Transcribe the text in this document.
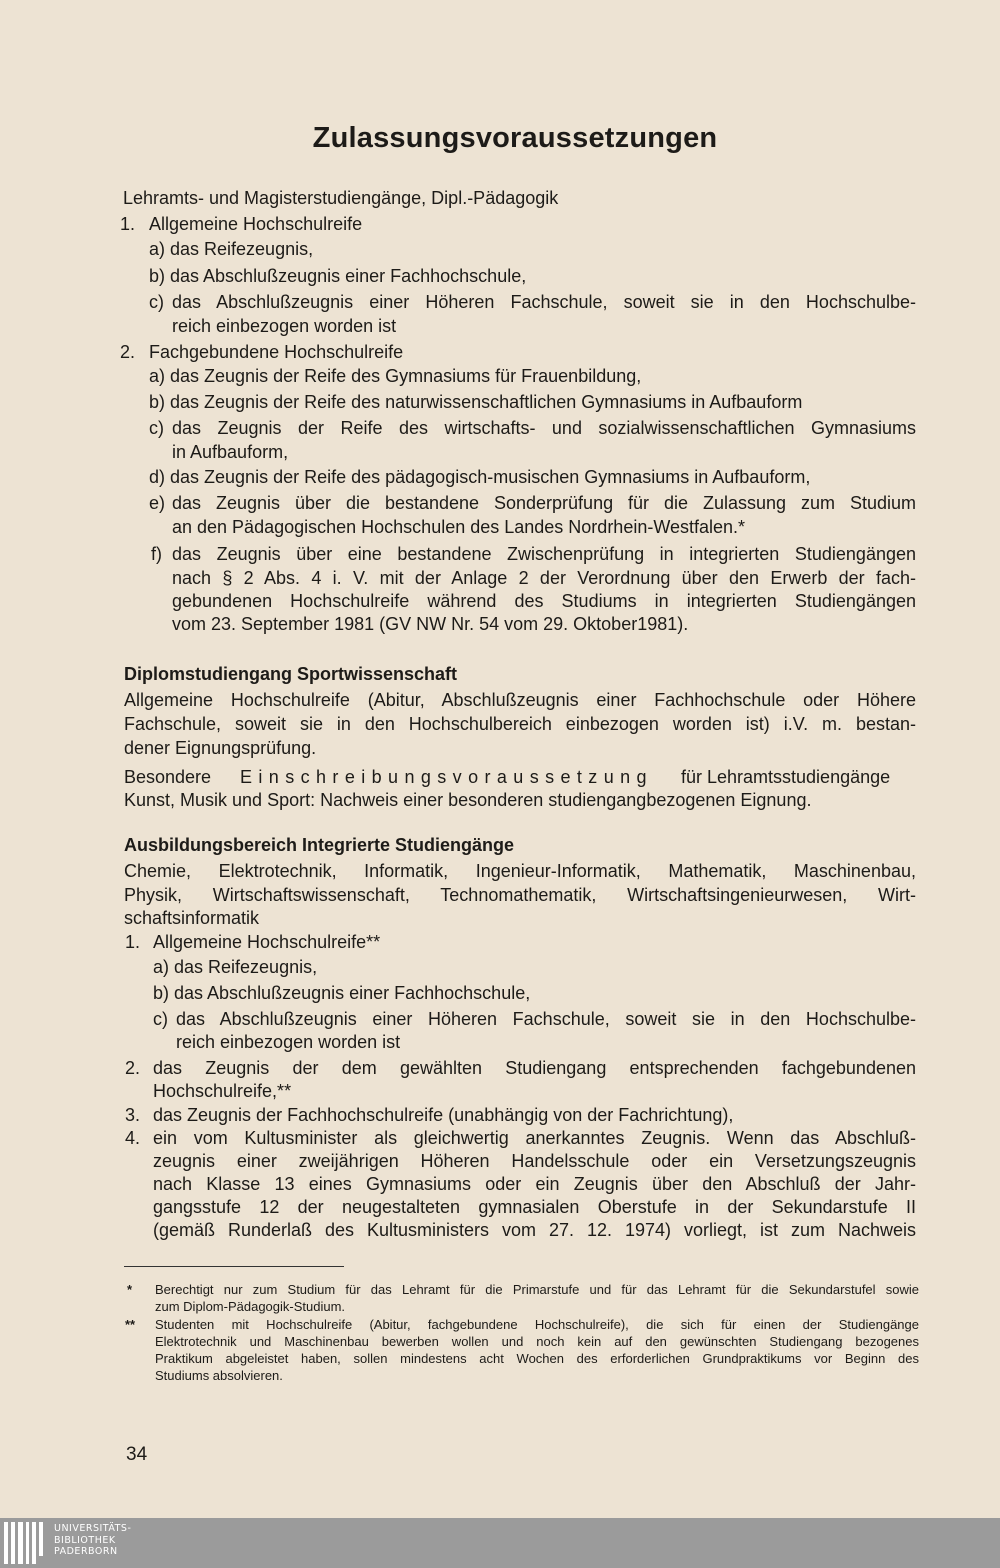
Zulassungsvoraussetzungen
Lehramts- und Magisterstudiengänge, Dipl.-Pädagogik
1. Allgemeine Hochschulreife
a) das Reifezeugnis,
b) das Abschlußzeugnis einer Fachhochschule,
c) das Abschlußzeugnis einer Höheren Fachschule, soweit sie in den Hochschulbe-
reich einbezogen worden ist
2. Fachgebundene Hochschulreife
a) das Zeugnis der Reife des Gymnasiums für Frauenbildung,
b) das Zeugnis der Reife des naturwissenschaftlichen Gymnasiums in Aufbauform
c) das Zeugnis der Reife des wirtschafts- und sozialwissenschaftlichen Gymnasiums
in Aufbauform,
d) das Zeugnis der Reife des pädagogisch-musischen Gymnasiums in Aufbauform,
e) das Zeugnis über die bestandene Sonderprüfung für die Zulassung zum Studium
an den Pädagogischen Hochschulen des Landes Nordrhein-Westfalen.*
f) das Zeugnis über eine bestandene Zwischenprüfung in integrierten Studiengängen
nach § 2 Abs. 4 i. V. mit der Anlage 2 der Verordnung über den Erwerb der fach-
gebundenen Hochschulreife während des Studiums in integrierten Studiengängen
vom 23. September 1981 (GV NW Nr. 54 vom 29. Oktober1981).
Diplomstudiengang Sportwissenschaft
Allgemeine Hochschulreife (Abitur, Abschlußzeugnis einer Fachhochschule oder Höhere
Fachschule, soweit sie in den Hochschulbereich einbezogen worden ist) i.V. m. bestan-
dener Eignungsprüfung.
Besondere Einschreibungsvoraussetzung für Lehramtsstudiengänge
Kunst, Musik und Sport: Nachweis einer besonderen studiengangbezogenen Eignung.
Ausbildungsbereich Integrierte Studiengänge
Chemie, Elektrotechnik, Informatik, Ingenieur-Informatik, Mathematik, Maschinenbau,
Physik, Wirtschaftswissenschaft, Technomathematik, Wirtschaftsingenieurwesen, Wirt-
schaftsinformatik
1. Allgemeine Hochschulreife**
a) das Reifezeugnis,
b) das Abschlußzeugnis einer Fachhochschule,
c) das Abschlußzeugnis einer Höheren Fachschule, soweit sie in den Hochschulbe-
reich einbezogen worden ist
2. das Zeugnis der dem gewählten Studiengang entsprechenden fachgebundenen
Hochschulreife,**
3. das Zeugnis der Fachhochschulreife (unabhängig von der Fachrichtung),
4. ein vom Kultusminister als gleichwertig anerkanntes Zeugnis. Wenn das Abschluß-
zeugnis einer zweijährigen Höheren Handelsschule oder ein Versetzungszeugnis
nach Klasse 13 eines Gymnasiums oder ein Zeugnis über den Abschluß der Jahr-
gangsstufe 12 der neugestalteten gymnasialen Oberstufe in der Sekundarstufe II
(gemäß Runderlaß des Kultusministers vom 27. 12. 1974) vorliegt, ist zum Nachweis
* Berechtigt nur zum Studium für das Lehramt für die Primarstufe und für das Lehramt für die Sekundarstufel sowie
zum Diplom-Pädagogik-Studium.
** Studenten mit Hochschulreife (Abitur, fachgebundene Hochschulreife), die sich für einen der Studiengänge
Elektrotechnik und Maschinenbau bewerben wollen und noch kein auf den gewünschten Studiengang bezogenes
Praktikum abgeleistet haben, sollen mindestens acht Wochen des erforderlichen Grundpraktikums vor Beginn des
Studiums absolvieren.
34
UNIVERSITÄTS-
BIBLIOTHEK
PADERBORN
